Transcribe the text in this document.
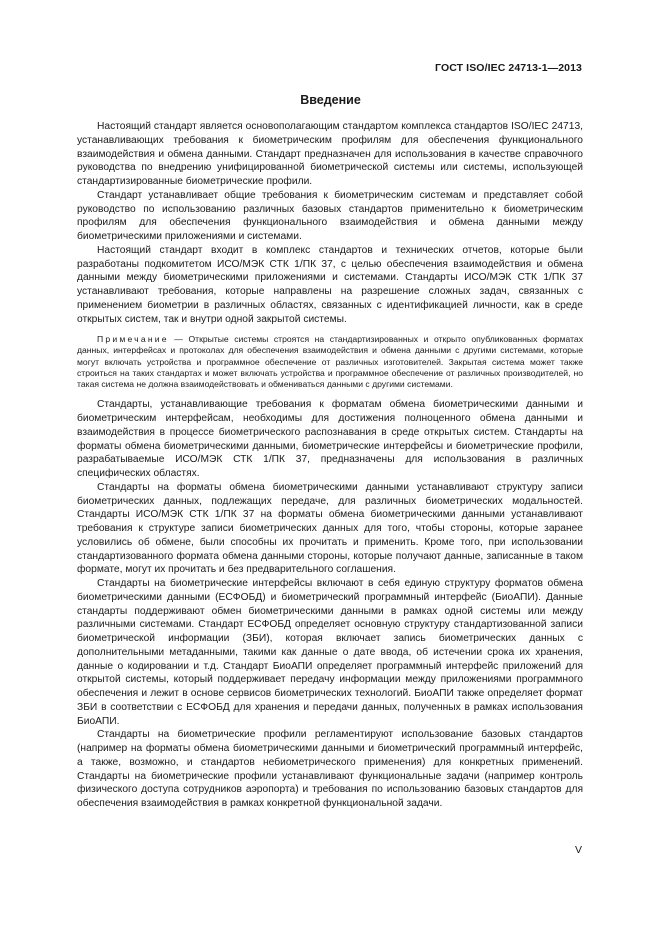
ГОСТ ISO/IEC 24713-1—2013
Введение

Настоящий стандарт является основополагающим стандартом комплекса стандартов ISO/IEC 24713, устанавливающих требования к биометрическим профилям для обеспечения функционального взаимодействия и обмена данными. Стандарт предназначен для использования в качестве справочного руководства по внедрению унифицированной биометрической системы или системы, использующей стандартизированные биометрические профили.

Стандарт устанавливает общие требования к биометрическим системам и представляет собой руководство по использованию различных базовых стандартов применительно к биометрическим профилям для обеспечения функционального взаимодействия и обмена данными между биометрическими приложениями и системами.

Настоящий стандарт входит в комплекс стандартов и технических отчетов, которые были разработаны подкомитетом ИСО/МЭК СТК 1/ПК 37, с целью обеспечения взаимодействия и обмена данными между биометрическими приложениями и системами. Стандарты ИСО/МЭК СТК 1/ПК 37 устанавливают требования, которые направлены на разрешение сложных задач, связанных с применением биометрии в различных областях, связанных с идентификацией личности, как в среде открытых систем, так и внутри одной закрытой системы.

Примечание — Открытые системы строятся на стандартизированных и открыто опубликованных форматах данных, интерфейсах и протоколах для обеспечения взаимодействия и обмена данными с другими системами, которые могут включать устройства и программное обеспечение от различных изготовителей. Закрытая система может также строиться на таких стандартах и может включать устройства и программное обеспечение от различных производителей, но такая система не должна взаимодействовать и обмениваться данными с другими системами.

Стандарты, устанавливающие требования к форматам обмена биометрическими данными и биометрическим интерфейсам, необходимы для достижения полноценного обмена данными и взаимодействия в процессе биометрического распознавания в среде открытых систем. Стандарты на форматы обмена биометрическими данными, биометрические интерфейсы и биометрические профили, разрабатываемые ИСО/МЭК СТК 1/ПК 37, предназначены для использования в различных специфических областях.

Стандарты на форматы обмена биометрическими данными устанавливают структуру записи биометрических данных, подлежащих передаче, для различных биометрических модальностей. Стандарты ИСО/МЭК СТК 1/ПК 37 на форматы обмена биометрическими данными устанавливают требования к структуре записи биометрических данных для того, чтобы стороны, которые заранее условились об обмене, были способны их прочитать и применить. Кроме того, при использовании стандартизованного формата обмена данными стороны, которые получают данные, записанные в таком формате, могут их прочитать и без предварительного соглашения.

Стандарты на биометрические интерфейсы включают в себя единую структуру форматов обмена биометрическими данными (ЕСФОБД) и биометрический программный интерфейс (БиоАПИ). Данные стандарты поддерживают обмен биометрическими данными в рамках одной системы или между различными системами. Стандарт ЕСФОБД определяет основную структуру стандартизованной записи биометрической информации (ЗБИ), которая включает запись биометрических данных с дополнительными метаданными, такими как данные о дате ввода, об истечении срока их хранения, данные о кодировании и т.д. Стандарт БиоАПИ определяет программный интерфейс приложений для открытой системы, который поддерживает передачу информации между приложениями программного обеспечения и лежит в основе сервисов биометрических технологий. БиоАПИ также определяет формат ЗБИ в соответствии с ЕСФОБД для хранения и передачи данных, полученных в рамках использования БиоАПИ.

Стандарты на биометрические профили регламентируют использование базовых стандартов (например на форматы обмена биометрическими данными и биометрический программный интерфейс, а также, возможно, и стандартов небиометрического применения) для конкретных применений. Стандарты на биометрические профили устанавливают функциональные задачи (например контроль физического доступа сотрудников аэропорта) и требования по использованию базовых стандартов для обеспечения взаимодействия в рамках конкретной функциональной задачи.

V
